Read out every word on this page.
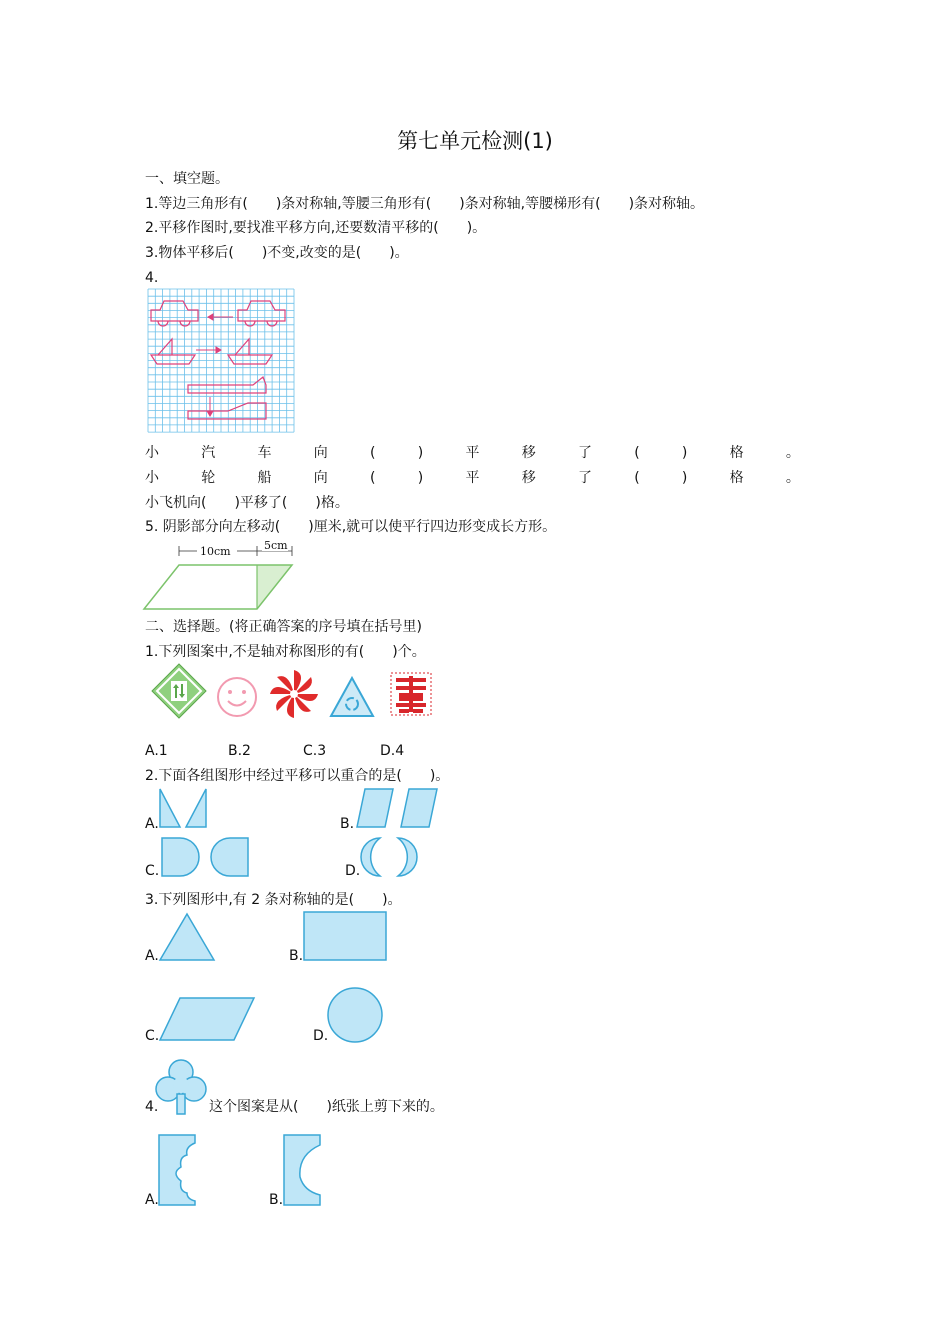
第七单元检测(1)
一、填空题。
1.等边三角形有(　　)条对称轴,等腰三角形有(　　)条对称轴,等腰梯形有(　　)条对称轴。
2.平移作图时,要找准平移方向,还要数清平移的(　　)。
3.物体平移后(　　)不变,改变的是(　　)。
4.
小	汽	车	向	(	)	平	移	了	(	)	格	。
小	轮	船	向	(	)	平	移	了	(	)	格	。
小飞机向(　　)平移了(　　)格。
5. 阴影部分向左移动(　　)厘米,就可以使平行四边形变成长方形。
10cm	5cm
二、选择题。(将正确答案的序号填在括号里)
1.下列图案中,不是轴对称图形的有(　　)个。
A.1	B.2	C.3	D.4
2.下面各组图形中经过平移可以重合的是(　　)。
A.	B.
C.	D.
3.下列图形中,有 2 条对称轴的是(　　)。
A.	B.
C.	D.
4.	这个图案是从(　　)纸张上剪下来的。
A.	B.
